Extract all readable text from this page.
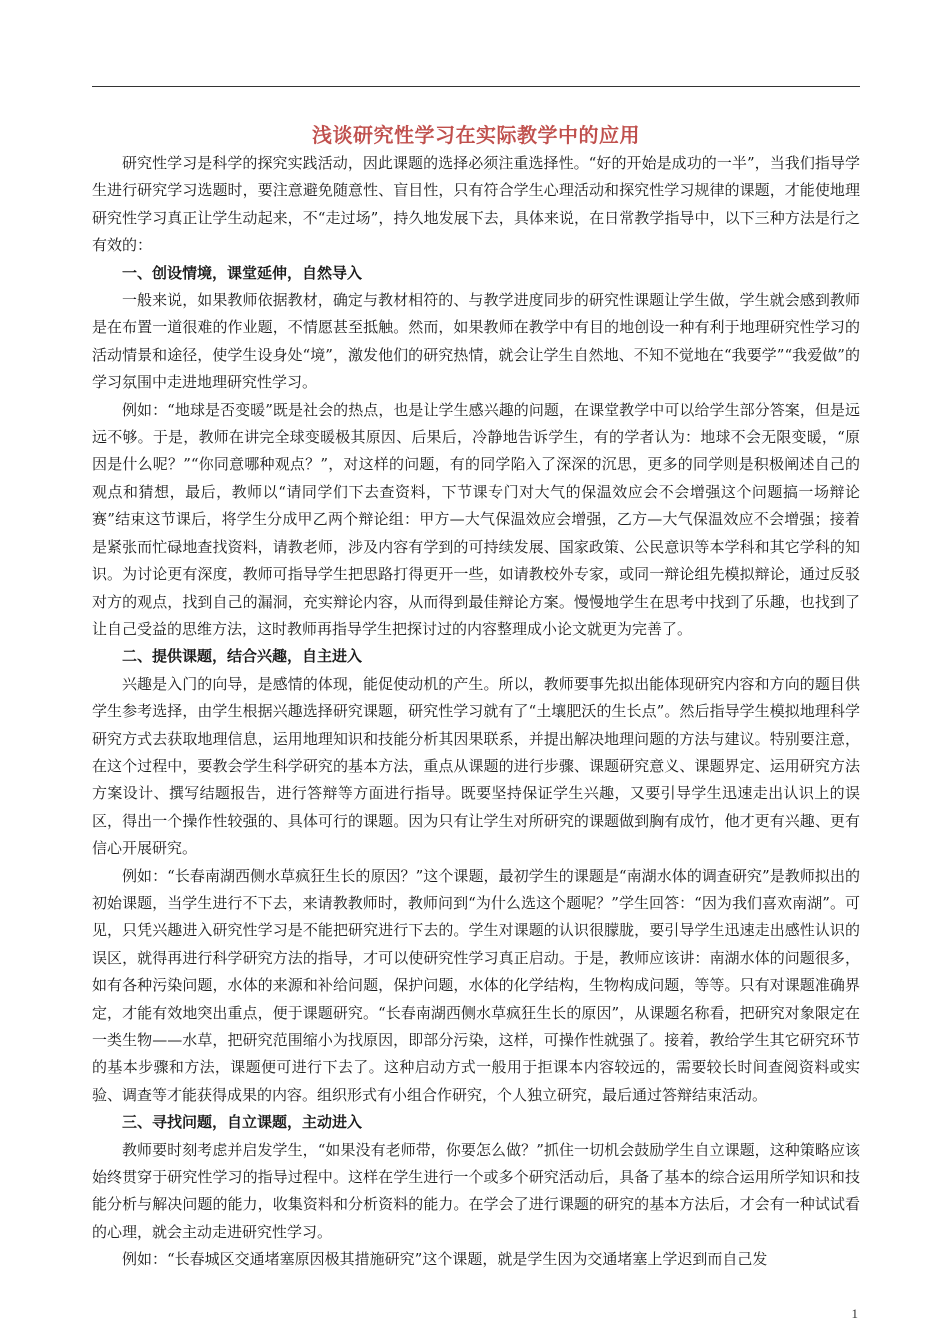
浅谈研究性学习在实际教学中的应用

研究性学习是科学的探究实践活动，因此课题的选择必须注重选择性。“好的开始是成功的一半”，当我们指导学生进行研究学习选题时，要注意避免随意性、盲目性，只有符合学生心理活动和探究性学习规律的课题，才能使地理研究性学习真正让学生动起来，不“走过场”，持久地发展下去，具体来说，在日常教学指导中，以下三种方法是行之有效的：

一、创设情境，课堂延伸，自然导入

一般来说，如果教师依据教材，确定与教材相符的、与教学进度同步的研究性课题让学生做，学生就会感到教师是在布置一道很难的作业题，不情愿甚至抵触。然而，如果教师在教学中有目的地创设一种有利于地理研究性学习的活动情景和途径，使学生设身处“境”，激发他们的研究热情，就会让学生自然地、不知不觉地在“我要学”“我爱做”的学习氛围中走进地理研究性学习。

例如：“地球是否变暖”既是社会的热点，也是让学生感兴趣的问题，在课堂教学中可以给学生部分答案，但是远远不够。于是，教师在讲完全球变暖极其原因、后果后，冷静地告诉学生，有的学者认为：地球不会无限变暖，“原因是什么呢？”“你同意哪种观点？”，对这样的问题，有的同学陷入了深深的沉思，更多的同学则是积极阐述自己的观点和猜想，最后，教师以“请同学们下去查资料，下节课专门对大气的保温效应会不会增强这个问题搞一场辩论赛”结束这节课后，将学生分成甲乙两个辩论组：甲方—大气保温效应会增强，乙方—大气保温效应不会增强；接着是紧张而忙碌地查找资料，请教老师，涉及内容有学到的可持续发展、国家政策、公民意识等本学科和其它学科的知识。为讨论更有深度，教师可指导学生把思路打得更开一些，如请教校外专家，或同一辩论组先模拟辩论，通过反驳对方的观点，找到自己的漏洞，充实辩论内容，从而得到最佳辩论方案。慢慢地学生在思考中找到了乐趣，也找到了让自己受益的思维方法，这时教师再指导学生把探讨过的内容整理成小论文就更为完善了。

二、提供课题，结合兴趣，自主进入

兴趣是入门的向导，是感情的体现，能促使动机的产生。所以，教师要事先拟出能体现研究内容和方向的题目供学生参考选择，由学生根据兴趣选择研究课题，研究性学习就有了“土壤肥沃的生长点”。然后指导学生模拟地理科学研究方式去获取地理信息，运用地理知识和技能分析其因果联系，并提出解决地理问题的方法与建议。特别要注意，在这个过程中，要教会学生科学研究的基本方法，重点从课题的进行步骤、课题研究意义、课题界定、运用研究方法方案设计、撰写结题报告，进行答辩等方面进行指导。既要坚持保证学生兴趣，又要引导学生迅速走出认识上的误区，得出一个操作性较强的、具体可行的课题。因为只有让学生对所研究的课题做到胸有成竹，他才更有兴趣、更有信心开展研究。

例如：“长春南湖西侧水草疯狂生长的原因？”这个课题，最初学生的课题是“南湖水体的调查研究”是教师拟出的初始课题，当学生进行不下去，来请教教师时，教师问到“为什么选这个题呢？”学生回答：“因为我们喜欢南湖”。可见，只凭兴趣进入研究性学习是不能把研究进行下去的。学生对课题的认识很朦胧，要引导学生迅速走出感性认识的误区，就得再进行科学研究方法的指导，才可以使研究性学习真正启动。于是，教师应该讲：南湖水体的问题很多，如有各种污染问题，水体的来源和补给问题，保护问题，水体的化学结构，生物构成问题，等等。只有对课题准确界定，才能有效地突出重点，便于课题研究。“长春南湖西侧水草疯狂生长的原因”，从课题名称看，把研究对象限定在一类生物——水草，把研究范围缩小为找原因，即部分污染，这样，可操作性就强了。接着，教给学生其它研究环节的基本步骤和方法，课题便可进行下去了。这种启动方式一般用于拒课本内容较远的，需要较长时间查阅资料或实验、调查等才能获得成果的内容。组织形式有小组合作研究，个人独立研究，最后通过答辩结束活动。

三、寻找问题，自立课题，主动进入

教师要时刻考虑并启发学生，“如果没有老师带，你要怎么做？”抓住一切机会鼓励学生自立课题，这种策略应该始终贯穿于研究性学习的指导过程中。这样在学生进行一个或多个研究活动后，具备了基本的综合运用所学知识和技能分析与解决问题的能力，收集资料和分析资料的能力。在学会了进行课题的研究的基本方法后，才会有一种试试看的心理，就会主动走进研究性学习。

例如：“长春城区交通堵塞原因极其措施研究”这个课题，就是学生因为交通堵塞上学迟到而自己发

1
